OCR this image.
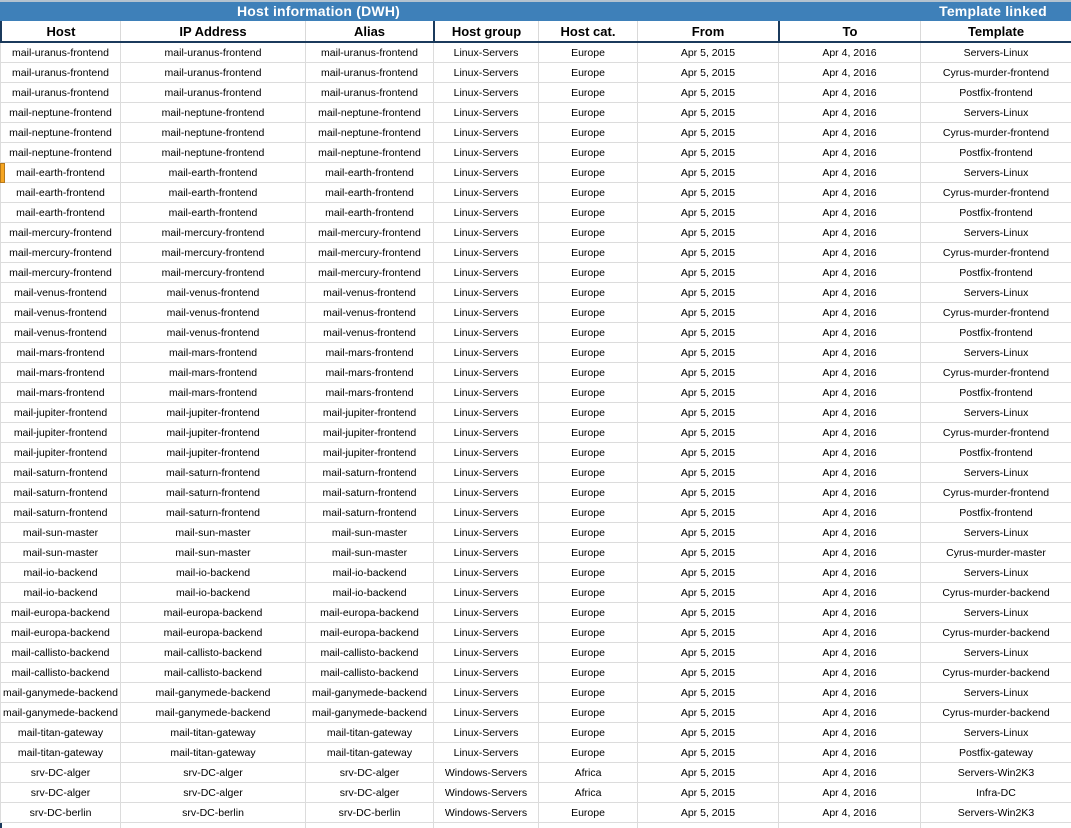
Host information (DWH)	Template linked
Host	IP Address	Alias	Host group	Host cat.	From	To	Template
mail-uranus-frontend	mail-uranus-frontend	mail-uranus-frontend	Linux-Servers	Europe	Apr 5, 2015	Apr 4, 2016	Servers-Linux
mail-uranus-frontend	mail-uranus-frontend	mail-uranus-frontend	Linux-Servers	Europe	Apr 5, 2015	Apr 4, 2016	Cyrus-murder-frontend
mail-uranus-frontend	mail-uranus-frontend	mail-uranus-frontend	Linux-Servers	Europe	Apr 5, 2015	Apr 4, 2016	Postfix-frontend
mail-neptune-frontend	mail-neptune-frontend	mail-neptune-frontend	Linux-Servers	Europe	Apr 5, 2015	Apr 4, 2016	Servers-Linux
mail-neptune-frontend	mail-neptune-frontend	mail-neptune-frontend	Linux-Servers	Europe	Apr 5, 2015	Apr 4, 2016	Cyrus-murder-frontend
mail-neptune-frontend	mail-neptune-frontend	mail-neptune-frontend	Linux-Servers	Europe	Apr 5, 2015	Apr 4, 2016	Postfix-frontend
mail-earth-frontend	mail-earth-frontend	mail-earth-frontend	Linux-Servers	Europe	Apr 5, 2015	Apr 4, 2016	Servers-Linux
mail-earth-frontend	mail-earth-frontend	mail-earth-frontend	Linux-Servers	Europe	Apr 5, 2015	Apr 4, 2016	Cyrus-murder-frontend
mail-earth-frontend	mail-earth-frontend	mail-earth-frontend	Linux-Servers	Europe	Apr 5, 2015	Apr 4, 2016	Postfix-frontend
mail-mercury-frontend	mail-mercury-frontend	mail-mercury-frontend	Linux-Servers	Europe	Apr 5, 2015	Apr 4, 2016	Servers-Linux
mail-mercury-frontend	mail-mercury-frontend	mail-mercury-frontend	Linux-Servers	Europe	Apr 5, 2015	Apr 4, 2016	Cyrus-murder-frontend
mail-mercury-frontend	mail-mercury-frontend	mail-mercury-frontend	Linux-Servers	Europe	Apr 5, 2015	Apr 4, 2016	Postfix-frontend
mail-venus-frontend	mail-venus-frontend	mail-venus-frontend	Linux-Servers	Europe	Apr 5, 2015	Apr 4, 2016	Servers-Linux
mail-venus-frontend	mail-venus-frontend	mail-venus-frontend	Linux-Servers	Europe	Apr 5, 2015	Apr 4, 2016	Cyrus-murder-frontend
mail-venus-frontend	mail-venus-frontend	mail-venus-frontend	Linux-Servers	Europe	Apr 5, 2015	Apr 4, 2016	Postfix-frontend
mail-mars-frontend	mail-mars-frontend	mail-mars-frontend	Linux-Servers	Europe	Apr 5, 2015	Apr 4, 2016	Servers-Linux
mail-mars-frontend	mail-mars-frontend	mail-mars-frontend	Linux-Servers	Europe	Apr 5, 2015	Apr 4, 2016	Cyrus-murder-frontend
mail-mars-frontend	mail-mars-frontend	mail-mars-frontend	Linux-Servers	Europe	Apr 5, 2015	Apr 4, 2016	Postfix-frontend
mail-jupiter-frontend	mail-jupiter-frontend	mail-jupiter-frontend	Linux-Servers	Europe	Apr 5, 2015	Apr 4, 2016	Servers-Linux
mail-jupiter-frontend	mail-jupiter-frontend	mail-jupiter-frontend	Linux-Servers	Europe	Apr 5, 2015	Apr 4, 2016	Cyrus-murder-frontend
mail-jupiter-frontend	mail-jupiter-frontend	mail-jupiter-frontend	Linux-Servers	Europe	Apr 5, 2015	Apr 4, 2016	Postfix-frontend
mail-saturn-frontend	mail-saturn-frontend	mail-saturn-frontend	Linux-Servers	Europe	Apr 5, 2015	Apr 4, 2016	Servers-Linux
mail-saturn-frontend	mail-saturn-frontend	mail-saturn-frontend	Linux-Servers	Europe	Apr 5, 2015	Apr 4, 2016	Cyrus-murder-frontend
mail-saturn-frontend	mail-saturn-frontend	mail-saturn-frontend	Linux-Servers	Europe	Apr 5, 2015	Apr 4, 2016	Postfix-frontend
mail-sun-master	mail-sun-master	mail-sun-master	Linux-Servers	Europe	Apr 5, 2015	Apr 4, 2016	Servers-Linux
mail-sun-master	mail-sun-master	mail-sun-master	Linux-Servers	Europe	Apr 5, 2015	Apr 4, 2016	Cyrus-murder-master
mail-io-backend	mail-io-backend	mail-io-backend	Linux-Servers	Europe	Apr 5, 2015	Apr 4, 2016	Servers-Linux
mail-io-backend	mail-io-backend	mail-io-backend	Linux-Servers	Europe	Apr 5, 2015	Apr 4, 2016	Cyrus-murder-backend
mail-europa-backend	mail-europa-backend	mail-europa-backend	Linux-Servers	Europe	Apr 5, 2015	Apr 4, 2016	Servers-Linux
mail-europa-backend	mail-europa-backend	mail-europa-backend	Linux-Servers	Europe	Apr 5, 2015	Apr 4, 2016	Cyrus-murder-backend
mail-callisto-backend	mail-callisto-backend	mail-callisto-backend	Linux-Servers	Europe	Apr 5, 2015	Apr 4, 2016	Servers-Linux
mail-callisto-backend	mail-callisto-backend	mail-callisto-backend	Linux-Servers	Europe	Apr 5, 2015	Apr 4, 2016	Cyrus-murder-backend
mail-ganymede-backend	mail-ganymede-backend	mail-ganymede-backend	Linux-Servers	Europe	Apr 5, 2015	Apr 4, 2016	Servers-Linux
mail-ganymede-backend	mail-ganymede-backend	mail-ganymede-backend	Linux-Servers	Europe	Apr 5, 2015	Apr 4, 2016	Cyrus-murder-backend
mail-titan-gateway	mail-titan-gateway	mail-titan-gateway	Linux-Servers	Europe	Apr 5, 2015	Apr 4, 2016	Servers-Linux
mail-titan-gateway	mail-titan-gateway	mail-titan-gateway	Linux-Servers	Europe	Apr 5, 2015	Apr 4, 2016	Postfix-gateway
srv-DC-alger	srv-DC-alger	srv-DC-alger	Windows-Servers	Africa	Apr 5, 2015	Apr 4, 2016	Servers-Win2K3
srv-DC-alger	srv-DC-alger	srv-DC-alger	Windows-Servers	Africa	Apr 5, 2015	Apr 4, 2016	Infra-DC
srv-DC-berlin	srv-DC-berlin	srv-DC-berlin	Windows-Servers	Europe	Apr 5, 2015	Apr 4, 2016	Servers-Win2K3
